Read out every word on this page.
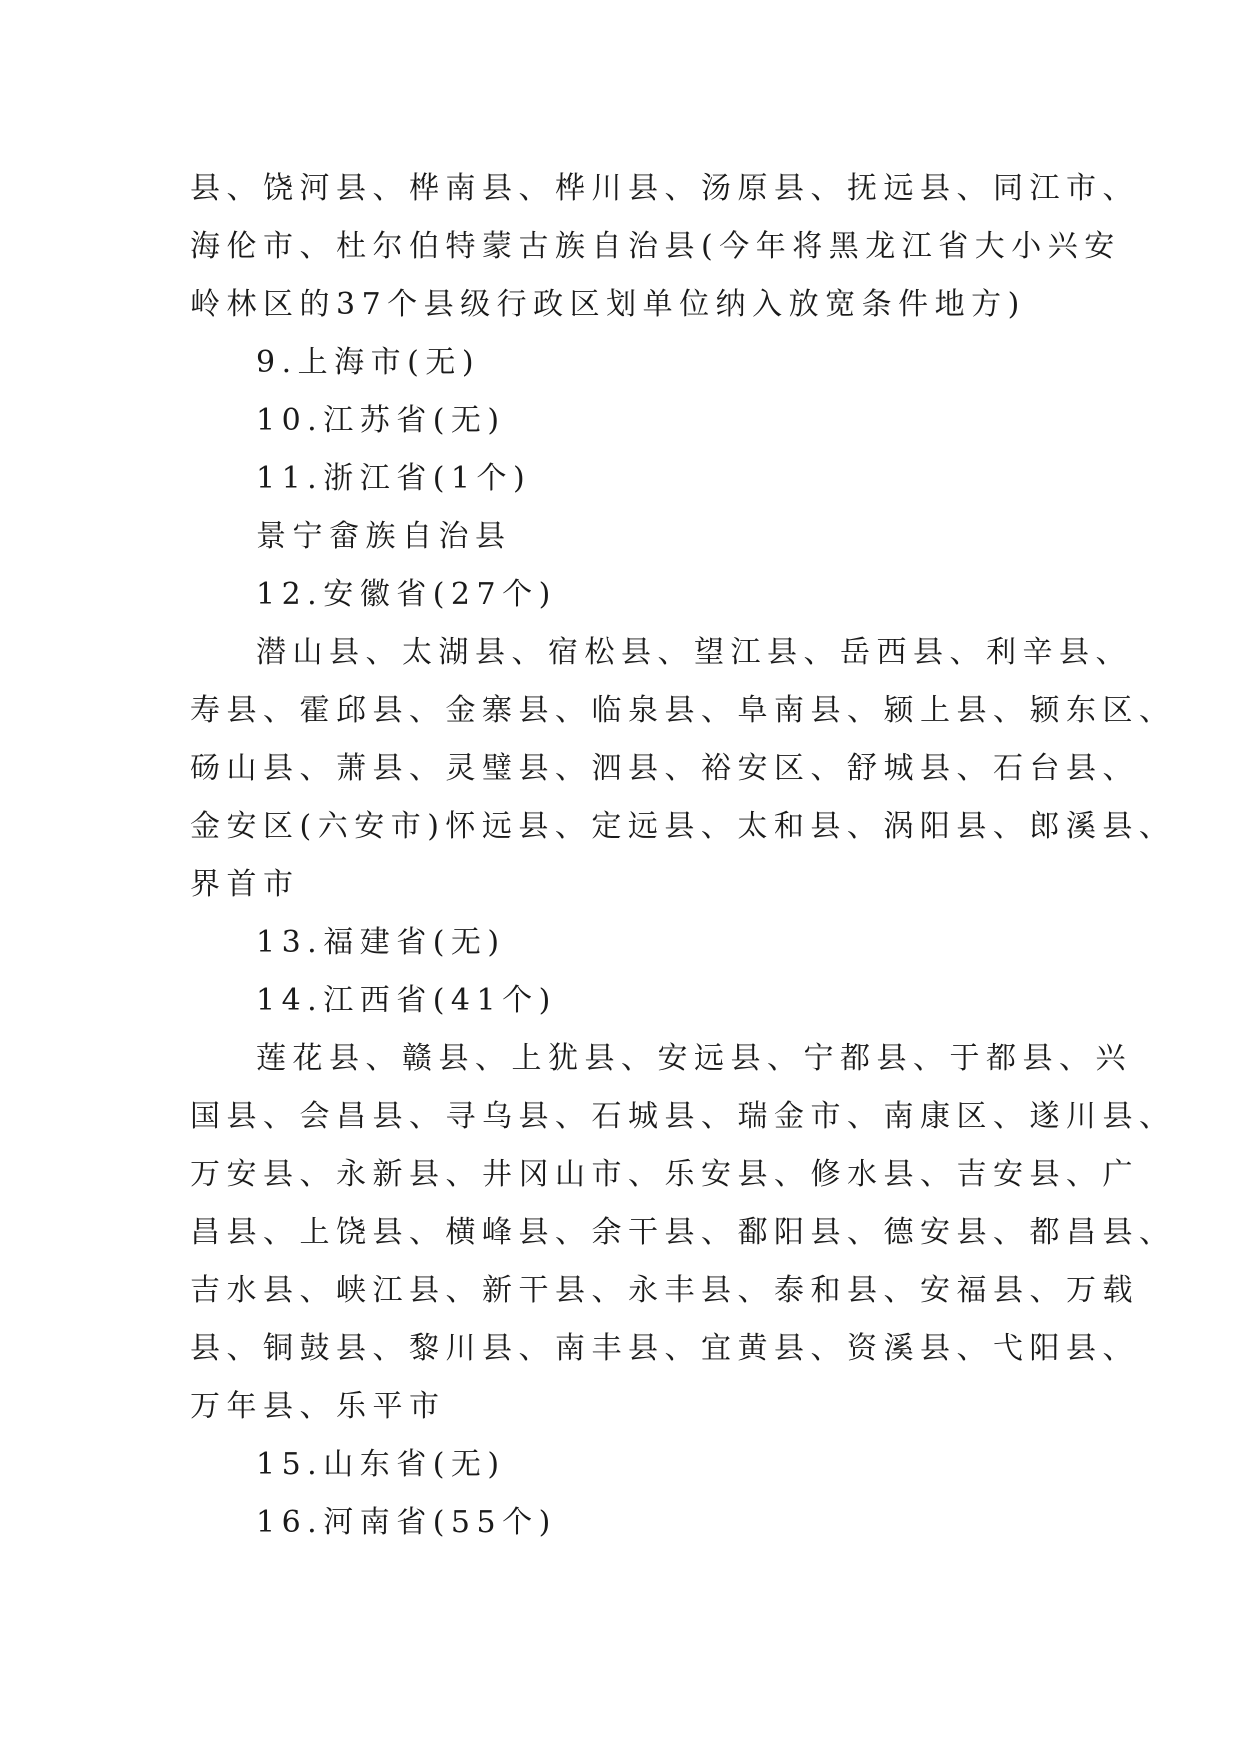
县、饶河县、桦南县、桦川县、汤原县、抚远县、同江市、
海伦市、杜尔伯特蒙古族自治县(今年将黑龙江省大小兴安
岭林区的37个县级行政区划单位纳入放宽条件地方)
9.上海市(无)
10.江苏省(无)
11.浙江省(1个)
景宁畲族自治县
12.安徽省(27个)
潜山县、太湖县、宿松县、望江县、岳西县、利辛县、
寿县、霍邱县、金寨县、临泉县、阜南县、颍上县、颍东区、
砀山县、萧县、灵璧县、泗县、裕安区、舒城县、石台县、
金安区(六安市)怀远县、定远县、太和县、涡阳县、郎溪县、
界首市
13.福建省(无)
14.江西省(41个)
莲花县、赣县、上犹县、安远县、宁都县、于都县、兴
国县、会昌县、寻乌县、石城县、瑞金市、南康区、遂川县、
万安县、永新县、井冈山市、乐安县、修水县、吉安县、广
昌县、上饶县、横峰县、余干县、鄱阳县、德安县、都昌县、
吉水县、峡江县、新干县、永丰县、泰和县、安福县、万载
县、铜鼓县、黎川县、南丰县、宜黄县、资溪县、弋阳县、
万年县、乐平市
15.山东省(无)
16.河南省(55个)
